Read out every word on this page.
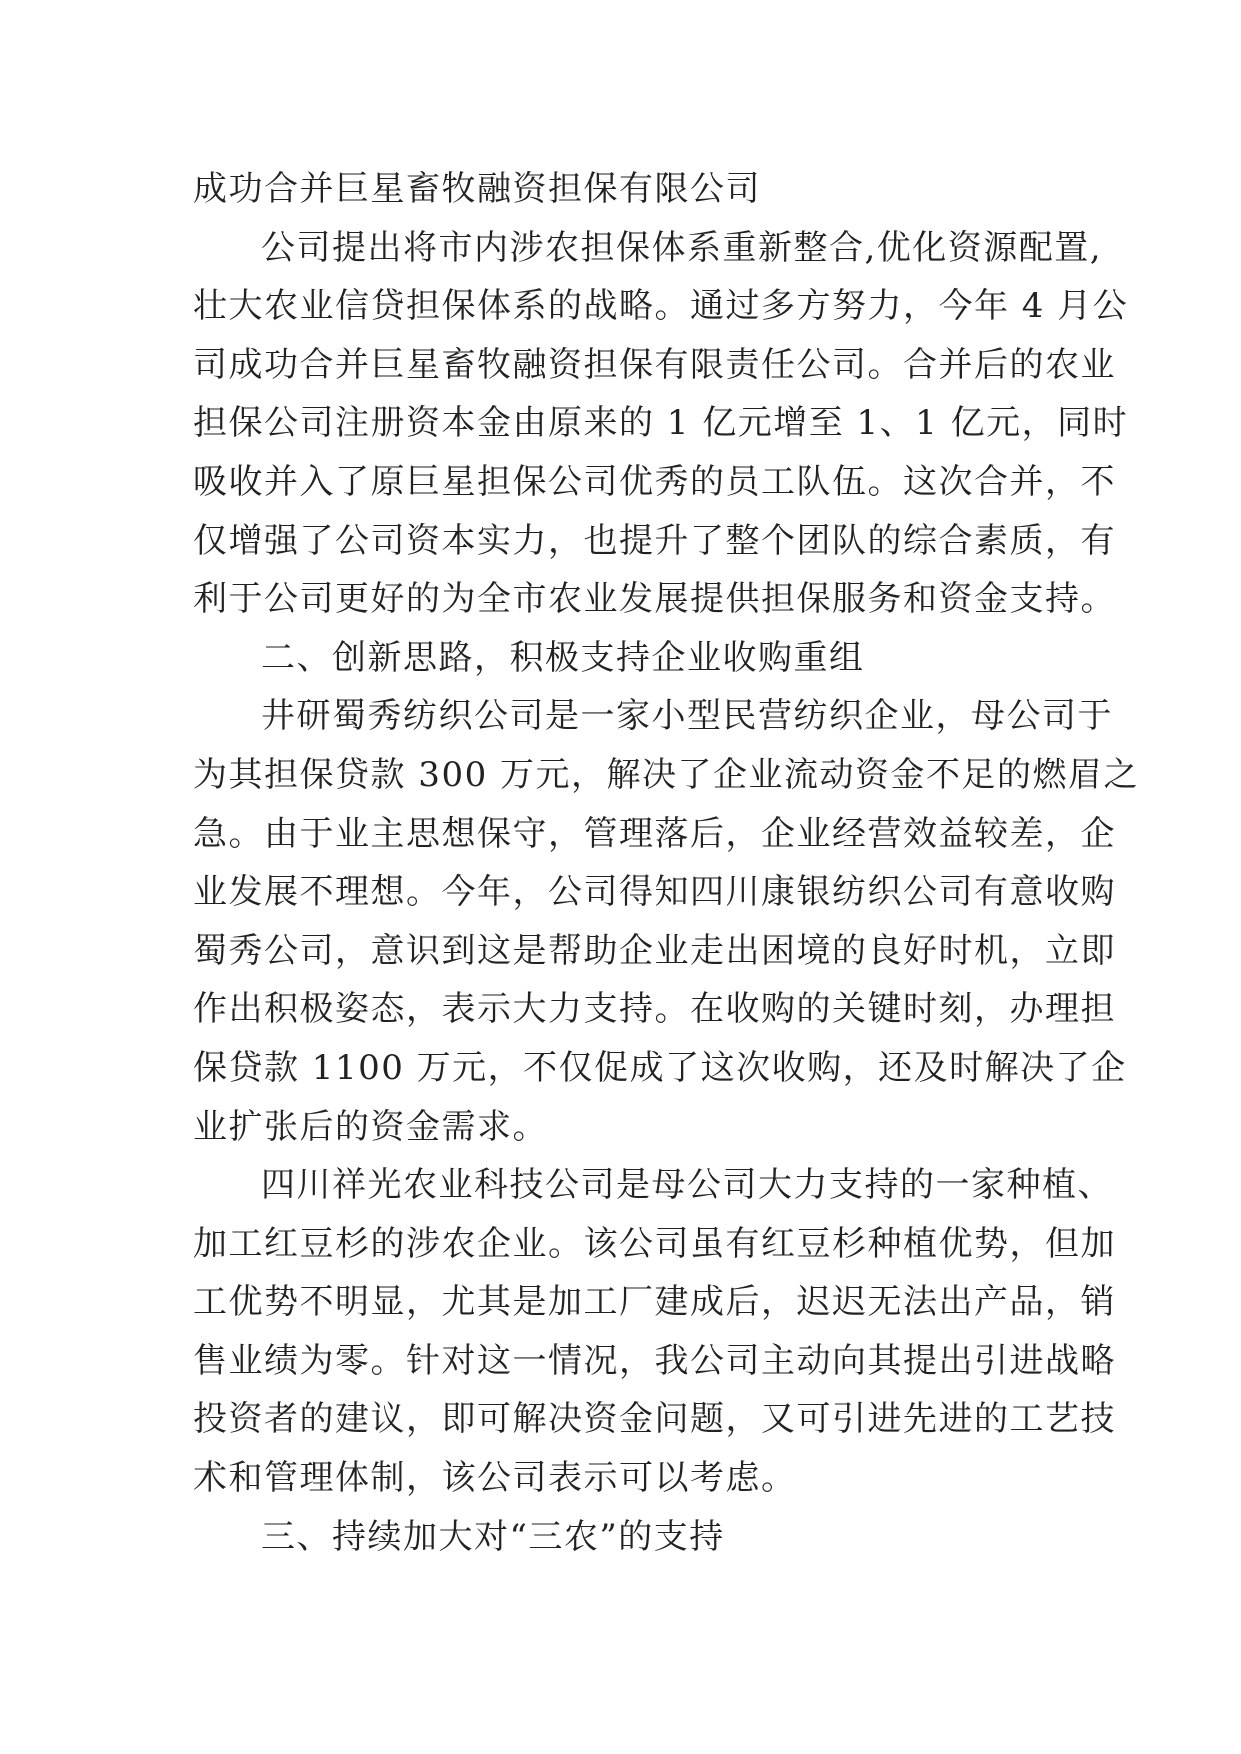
成功合并巨星畜牧融资担保有限公司
公司提出将市内涉农担保体系重新整合,优化资源配置,
壮大农业信贷担保体系的战略。通过多方努力，今年 4 月公
司成功合并巨星畜牧融资担保有限责任公司。合并后的农业
担保公司注册资本金由原来的 1 亿元增至 1、1 亿元，同时
吸收并入了原巨星担保公司优秀的员工队伍。这次合并，不
仅增强了公司资本实力，也提升了整个团队的综合素质，有
利于公司更好的为全市农业发展提供担保服务和资金支持。
二、创新思路，积极支持企业收购重组
井研蜀秀纺织公司是一家小型民营纺织企业，母公司于
为其担保贷款 300 万元，解决了企业流动资金不足的燃眉之
急。由于业主思想保守，管理落后，企业经营效益较差，企
业发展不理想。今年，公司得知四川康银纺织公司有意收购
蜀秀公司，意识到这是帮助企业走出困境的良好时机，立即
作出积极姿态，表示大力支持。在收购的关键时刻，办理担
保贷款 1100 万元，不仅促成了这次收购，还及时解决了企
业扩张后的资金需求。
四川祥光农业科技公司是母公司大力支持的一家种植、
加工红豆杉的涉农企业。该公司虽有红豆杉种植优势，但加
工优势不明显，尤其是加工厂建成后，迟迟无法出产品，销
售业绩为零。针对这一情况，我公司主动向其提出引进战略
投资者的建议，即可解决资金问题，又可引进先进的工艺技
术和管理体制，该公司表示可以考虑。
三、持续加大对“三农”的支持
